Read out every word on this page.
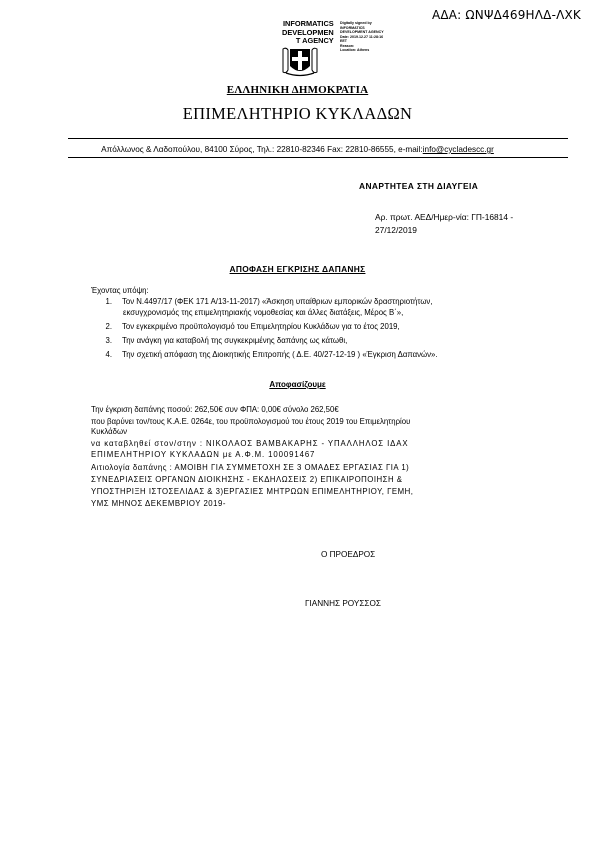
ΑΔΑ: ΩΝΨΔ469ΗΛΔ-ΛΧΚ
INFORMATICS
DEVELOPMEN
T AGENCY
Digitally signed by
INFORMATICS
DEVELOPMENT AGENCY
Date: 2019.12.27 11:28:16
EET
Reason:
Location: Athens
ΕΛΛΗΝΙΚΗ ΔΗΜΟΚΡΑΤΙΑ
ΕΠΙΜΕΛΗΤΗΡΙΟ ΚΥΚΛΑΔΩΝ
Απόλλωνος & Λαδοπούλου, 84100 Σύρος, Τηλ.: 22810-82346 Fax: 22810-86555, e-mail:info@cycladescc.gr
ΑΝΑΡΤΗΤΕΑ ΣΤΗ ΔΙΑΥΓΕΙΑ
Αρ. πρωτ. ΑΕΔ/Ημερ-νία: ΓΠ-16814 - 27/12/2019
ΑΠΟΦΑΣΗ ΕΓΚΡΙΣΗΣ ΔΑΠΑΝΗΣ
Έχοντας υπόψη:
1. Τον Ν.4497/17 (ΦΕΚ 171 Α/13-11-2017) «Άσκηση υπαίθριων εμπορικών δραστηριοτήτων,
εκσυγχρονισμός της επιμελητηριακής νομοθεσίας και άλλες διατάξεις, Μέρος Β΄»,
2. Τον εγκεκριμένο προϋπολογισμό του Επιμελητηρίου Κυκλάδων για το έτος 2019,
3. Την ανάγκη για καταβολή της συγκεκριμένης δαπάνης ως κάτωθι,
4. Την σχετική απόφαση της Διοικητικής Επιτροπής ( Δ.Ε. 40/27-12-19 ) «Έγκριση Δαπανών».
Αποφασίζουμε
Την έγκριση δαπάνης ποσού: 262,50€ συν ΦΠΑ: 0,00€ σύνολο 262,50€
που βαρύνει τον/τους Κ.Α.Ε. 0264ε, του προϋπολογισμού του έτους 2019 του Επιμελητηρίου
Κυκλάδων
να καταβληθεί στον/στην : ΝΙΚΟΛΑΟΣ ΒΑΜΒΑΚΑΡΗΣ - ΥΠΑΛΛΗΛΟΣ ΙΔΑΧ
ΕΠΙΜΕΛΗΤΗΡΙΟΥ ΚΥΚΛΑΔΩΝ με Α.Φ.Μ. 100091467
Αιτιολογία δαπάνης : ΑΜΟΙΒΗ ΓΙΑ ΣΥΜΜΕΤΟΧΗ ΣΕ 3 ΟΜΑΔΕΣ ΕΡΓΑΣΙΑΣ ΓΙΑ 1)
ΣΥΝΕΔΡΙΑΣΕΙΣ ΟΡΓΑΝΩΝ ΔΙΟΙΚΗΣΗΣ - ΕΚΔΗΛΩΣΕΙΣ 2) ΕΠΙΚΑΙΡΟΠΟΙΗΣΗ &
ΥΠΟΣΤΗΡΙΞΗ ΙΣΤΟΣΕΛΙΔΑΣ & 3)ΕΡΓΑΣΙΕΣ ΜΗΤΡΩΩΝ ΕΠΙΜΕΛΗΤΗΡΙΟΥ, ΓΕΜΗ,
ΥΜΣ ΜΗΝΟΣ ΔΕΚΕΜΒΡΙΟΥ 2019-
Ο ΠΡΟΕΔΡΟΣ
ΓΙΑΝΝΗΣ ΡΟΥΣΣΟΣ
